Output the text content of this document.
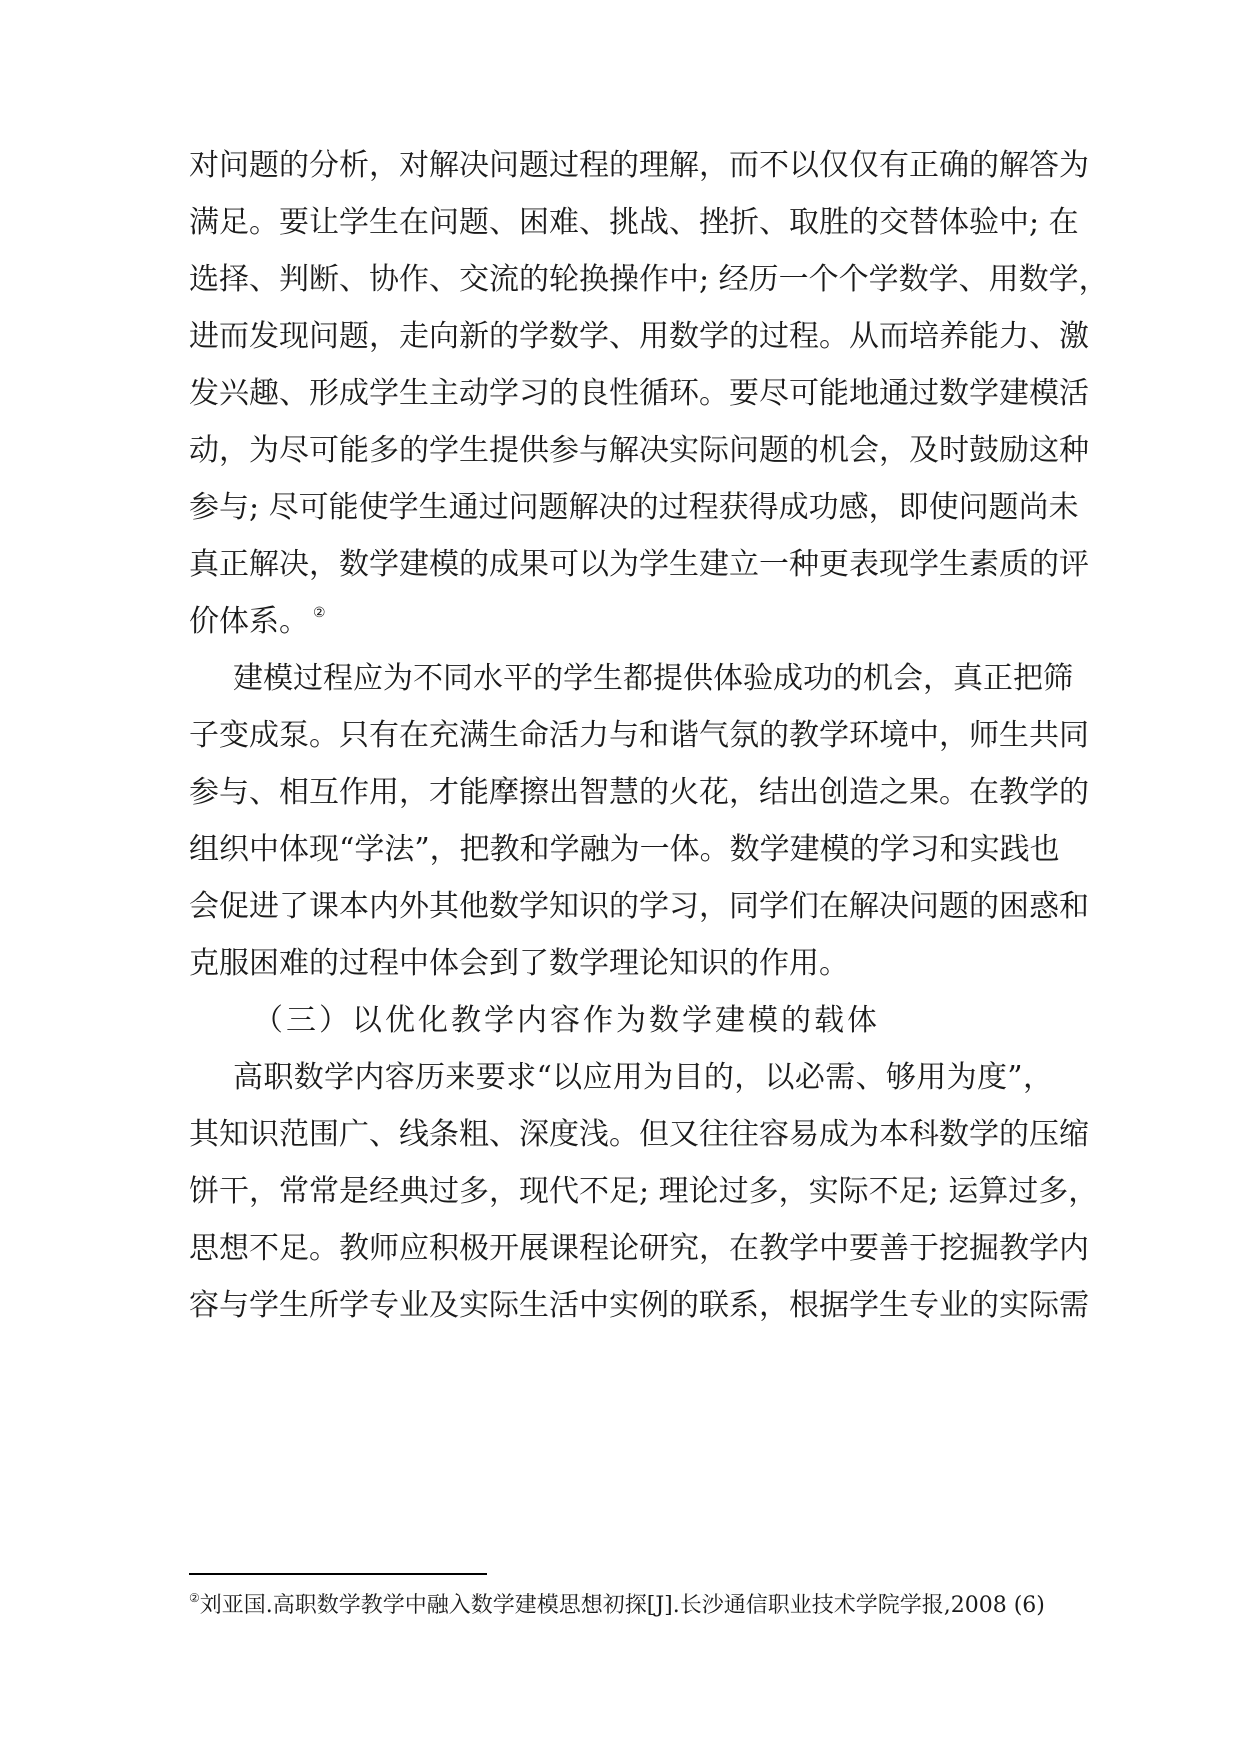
对问题的分析，对解决问题过程的理解，而不以仅仅有正确的解答为
满足。要让学生在问题、困难、挑战、挫折、取胜的交替体验中; 在
选择、判断、协作、交流的轮换操作中; 经历一个个学数学、用数学，
进而发现问题，走向新的学数学、用数学的过程。从而培养能力、激
发兴趣、形成学生主动学习的良性循环。要尽可能地通过数学建模活
动，为尽可能多的学生提供参与解决实际问题的机会，及时鼓励这种
参与; 尽可能使学生通过问题解决的过程获得成功感，即使问题尚未
真正解决，数学建模的成果可以为学生建立一种更表现学生素质的评
价体系。 ②
建模过程应为不同水平的学生都提供体验成功的机会，真正把筛
子变成泵。只有在充满生命活力与和谐气氛的教学环境中，师生共同
参与、相互作用，才能摩擦出智慧的火花，结出创造之果。在教学的
组织中体现“学法”，把教和学融为一体。数学建模的学习和实践也
会促进了课本内外其他数学知识的学习，同学们在解决问题的困惑和
克服困难的过程中体会到了数学理论知识的作用。
（三）以优化教学内容作为数学建模的载体
高职数学内容历来要求“以应用为目的，以必需、够用为度”，
其知识范围广、线条粗、深度浅。但又往往容易成为本科数学的压缩
饼干，常常是经典过多，现代不足; 理论过多，实际不足; 运算过多，
思想不足。教师应积极开展课程论研究，在教学中要善于挖掘教学内
容与学生所学专业及实际生活中实例的联系，根据学生专业的实际需
②刘亚国.高职数学教学中融入数学建模思想初探[J].长沙通信职业技术学院学报,2008 (6)
